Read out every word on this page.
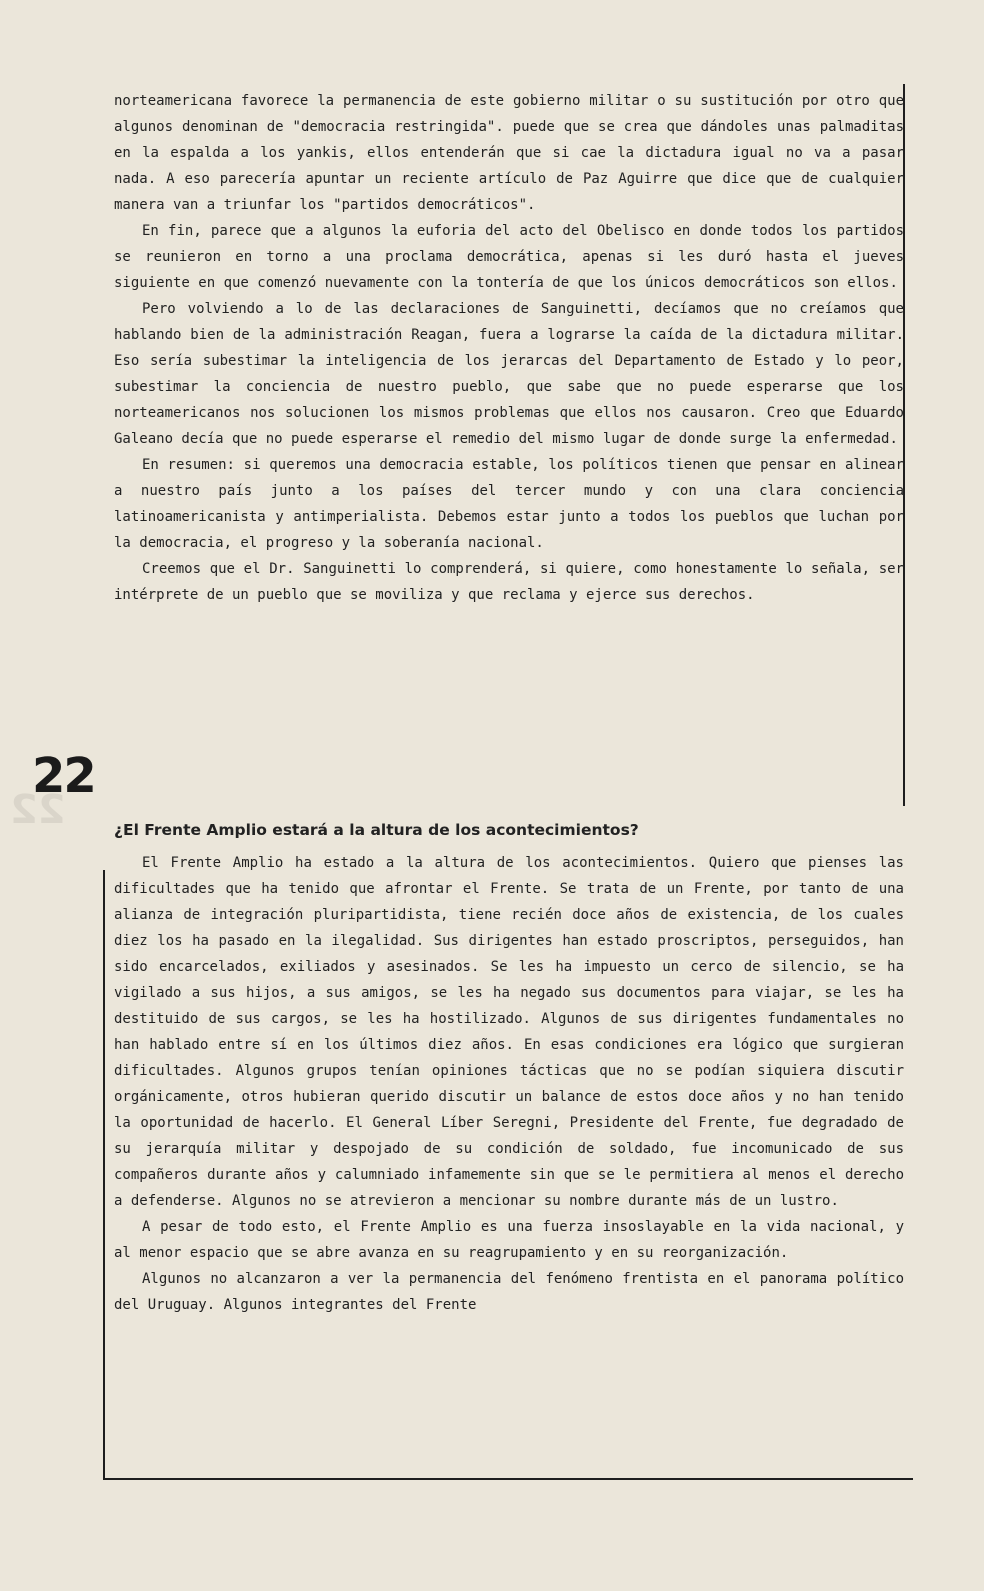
22
22

norteamericana favorece la permanencia de este gobierno militar o su sustitución por otro que algunos denominan de "democracia restringida". puede que se crea que dándoles unas palmaditas en la espalda a los yankis, ellos entenderán que si cae la dictadura igual no va a pasar nada. A eso parecería apuntar un reciente artículo de Paz Aguirre que dice que de cualquier manera van a triunfar los "partidos democráticos".

En fin, parece que a algunos la euforia del acto del Obelisco en donde todos los partidos se reunieron en torno a una proclama democrática, apenas si les duró hasta el jueves siguiente en que comenzó nuevamente con la tontería de que los únicos democráticos son ellos.

Pero volviendo a lo de las declaraciones de Sanguinetti, decíamos que no creíamos que hablando bien de la administración Reagan, fuera a lograrse la caída de la dictadura militar. Eso sería subestimar la inteligencia de los jerarcas del Departamento de Estado y lo peor, subestimar la conciencia de nuestro pueblo, que sabe que no puede esperarse que los norteamericanos nos solucionen los mismos problemas que ellos nos causaron. Creo que Eduardo Galeano decía que no puede esperarse el remedio del mismo lugar de donde surge la enfermedad.

En resumen: si queremos una democracia estable, los políticos tienen que pensar en alinear a nuestro país junto a los países del tercer mundo y con una clara conciencia latinoamericanista y antimperialista. Debemos estar junto a todos los pueblos que luchan por la democracia, el progreso y la soberanía nacional.

Creemos que el Dr. Sanguinetti lo comprenderá, si quiere, como honestamente lo señala, ser intérprete de un pueblo que se moviliza y que reclama y ejerce sus derechos.

¿El Frente Amplio estará a la altura de los acontecimientos?

El Frente Amplio ha estado a la altura de los acontecimientos. Quiero que pienses las dificultades que ha tenido que afrontar el Frente. Se trata de un Frente, por tanto de una alianza de integración pluripartidista, tiene recién doce años de existencia, de los cuales diez los ha pasado en la ilegalidad. Sus dirigentes han estado proscriptos, perseguidos, han sido encarcelados, exiliados y asesinados. Se les ha impuesto un cerco de silencio, se ha vigilado a sus hijos, a sus amigos, se les ha negado sus documentos para viajar, se les ha destituido de sus cargos, se les ha hostilizado. Algunos de sus dirigentes fundamentales no han hablado entre sí en los últimos diez años. En esas condiciones era lógico que surgieran dificultades. Algunos grupos tenían opiniones tácticas que no se podían siquiera discutir orgánicamente, otros hubieran querido discutir un balance de estos doce años y no han tenido la oportunidad de hacerlo. El General Líber Seregni, Presidente del Frente, fue degradado de su jerarquía militar y despojado de su condición de soldado, fue incomunicado de sus compañeros durante años y calumniado infamemente sin que se le permitiera al menos el derecho a defenderse. Algunos no se atrevieron a mencionar su nombre durante más de un lustro.

A pesar de todo esto, el Frente Amplio es una fuerza insoslayable en la vida nacional, y al menor espacio que se abre avanza en su reagrupamiento y en su reorganización.

Algunos no alcanzaron a ver la permanencia del fenómeno frentista en el panorama político del Uruguay. Algunos integrantes del Frente
